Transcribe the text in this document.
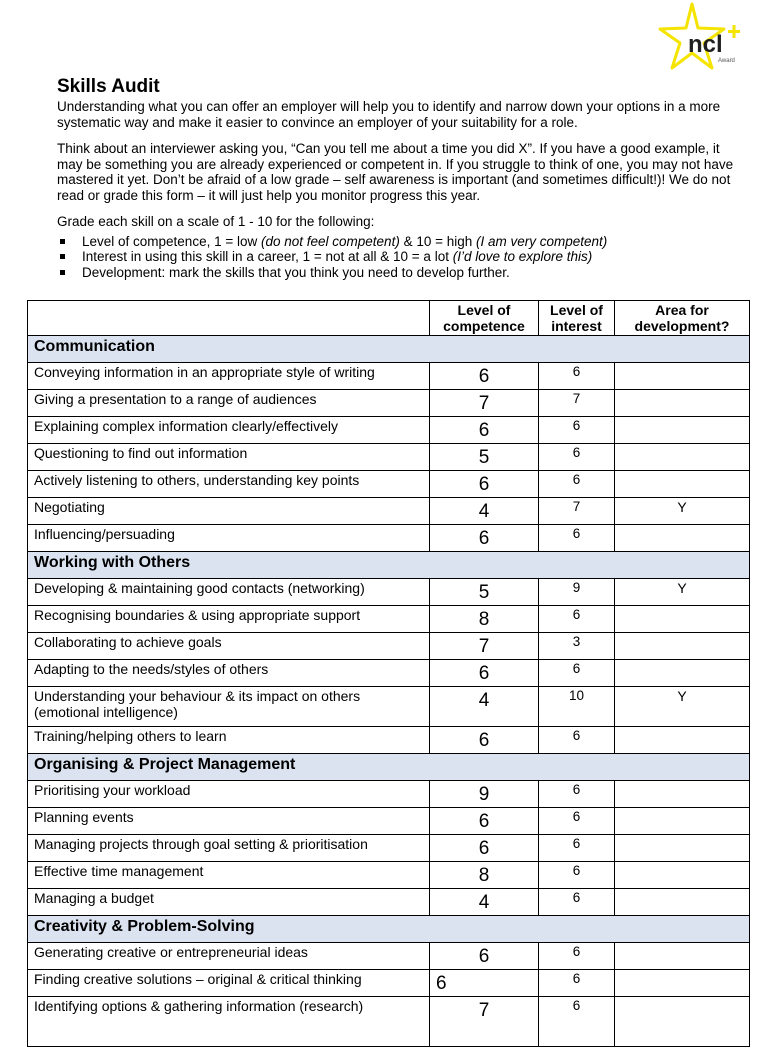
ncl
Award
Skills Audit

Understanding what you can offer an employer will help you to identify and narrow down your options in a more systematic way and make it easier to convince an employer of your suitability for a role.

Think about an interviewer asking you, “Can you tell me about a time you did X”. If you have a good example, it may be something you are already experienced or competent in. If you struggle to think of one, you may not have mastered it yet. Don’t be afraid of a low grade – self awareness is important (and sometimes difficult!)! We do not read or grade this form – it will just help you monitor progress this year.

Grade each skill on a scale of 1 - 10 for the following:

Level of competence, 1 = low (do not feel competent) & 10 = high (I am very competent)
Interest in using this skill in a career, 1 = not at all & 10 = a lot (I’d love to explore this)
Development: mark the skills that you think you need to develop further.
	Level of competence	Level of interest	Area for development?
Communication			
Conveying information in an appropriate style of writing	6	6	
Giving a presentation to a range of audiences	7	7	
Explaining complex information clearly/effectively	6	6	
Questioning to find out information	5	6	
Actively listening to others, understanding key points	6	6	
Negotiating	4	7	Y
Influencing/persuading	6	6	
Working with Others			
Developing & maintaining good contacts (networking)	5	9	Y
Recognising boundaries & using appropriate support	8	6	
Collaborating to achieve goals	7	3	
Adapting to the needs/styles of others	6	6	
Understanding your behaviour & its impact on others (emotional intelligence)	4	10	Y
Training/helping others to learn	6	6	
Organising & Project Management			
Prioritising your workload	9	6	
Planning events	6	6	
Managing projects through goal setting & prioritisation	6	6	
Effective time management	8	6	
Managing a budget	4	6	
Creativity & Problem-Solving			
Generating creative or entrepreneurial ideas	6	6	
Finding creative solutions – original & critical thinking	6	6	
Identifying options & gathering information (research)	7	6	
